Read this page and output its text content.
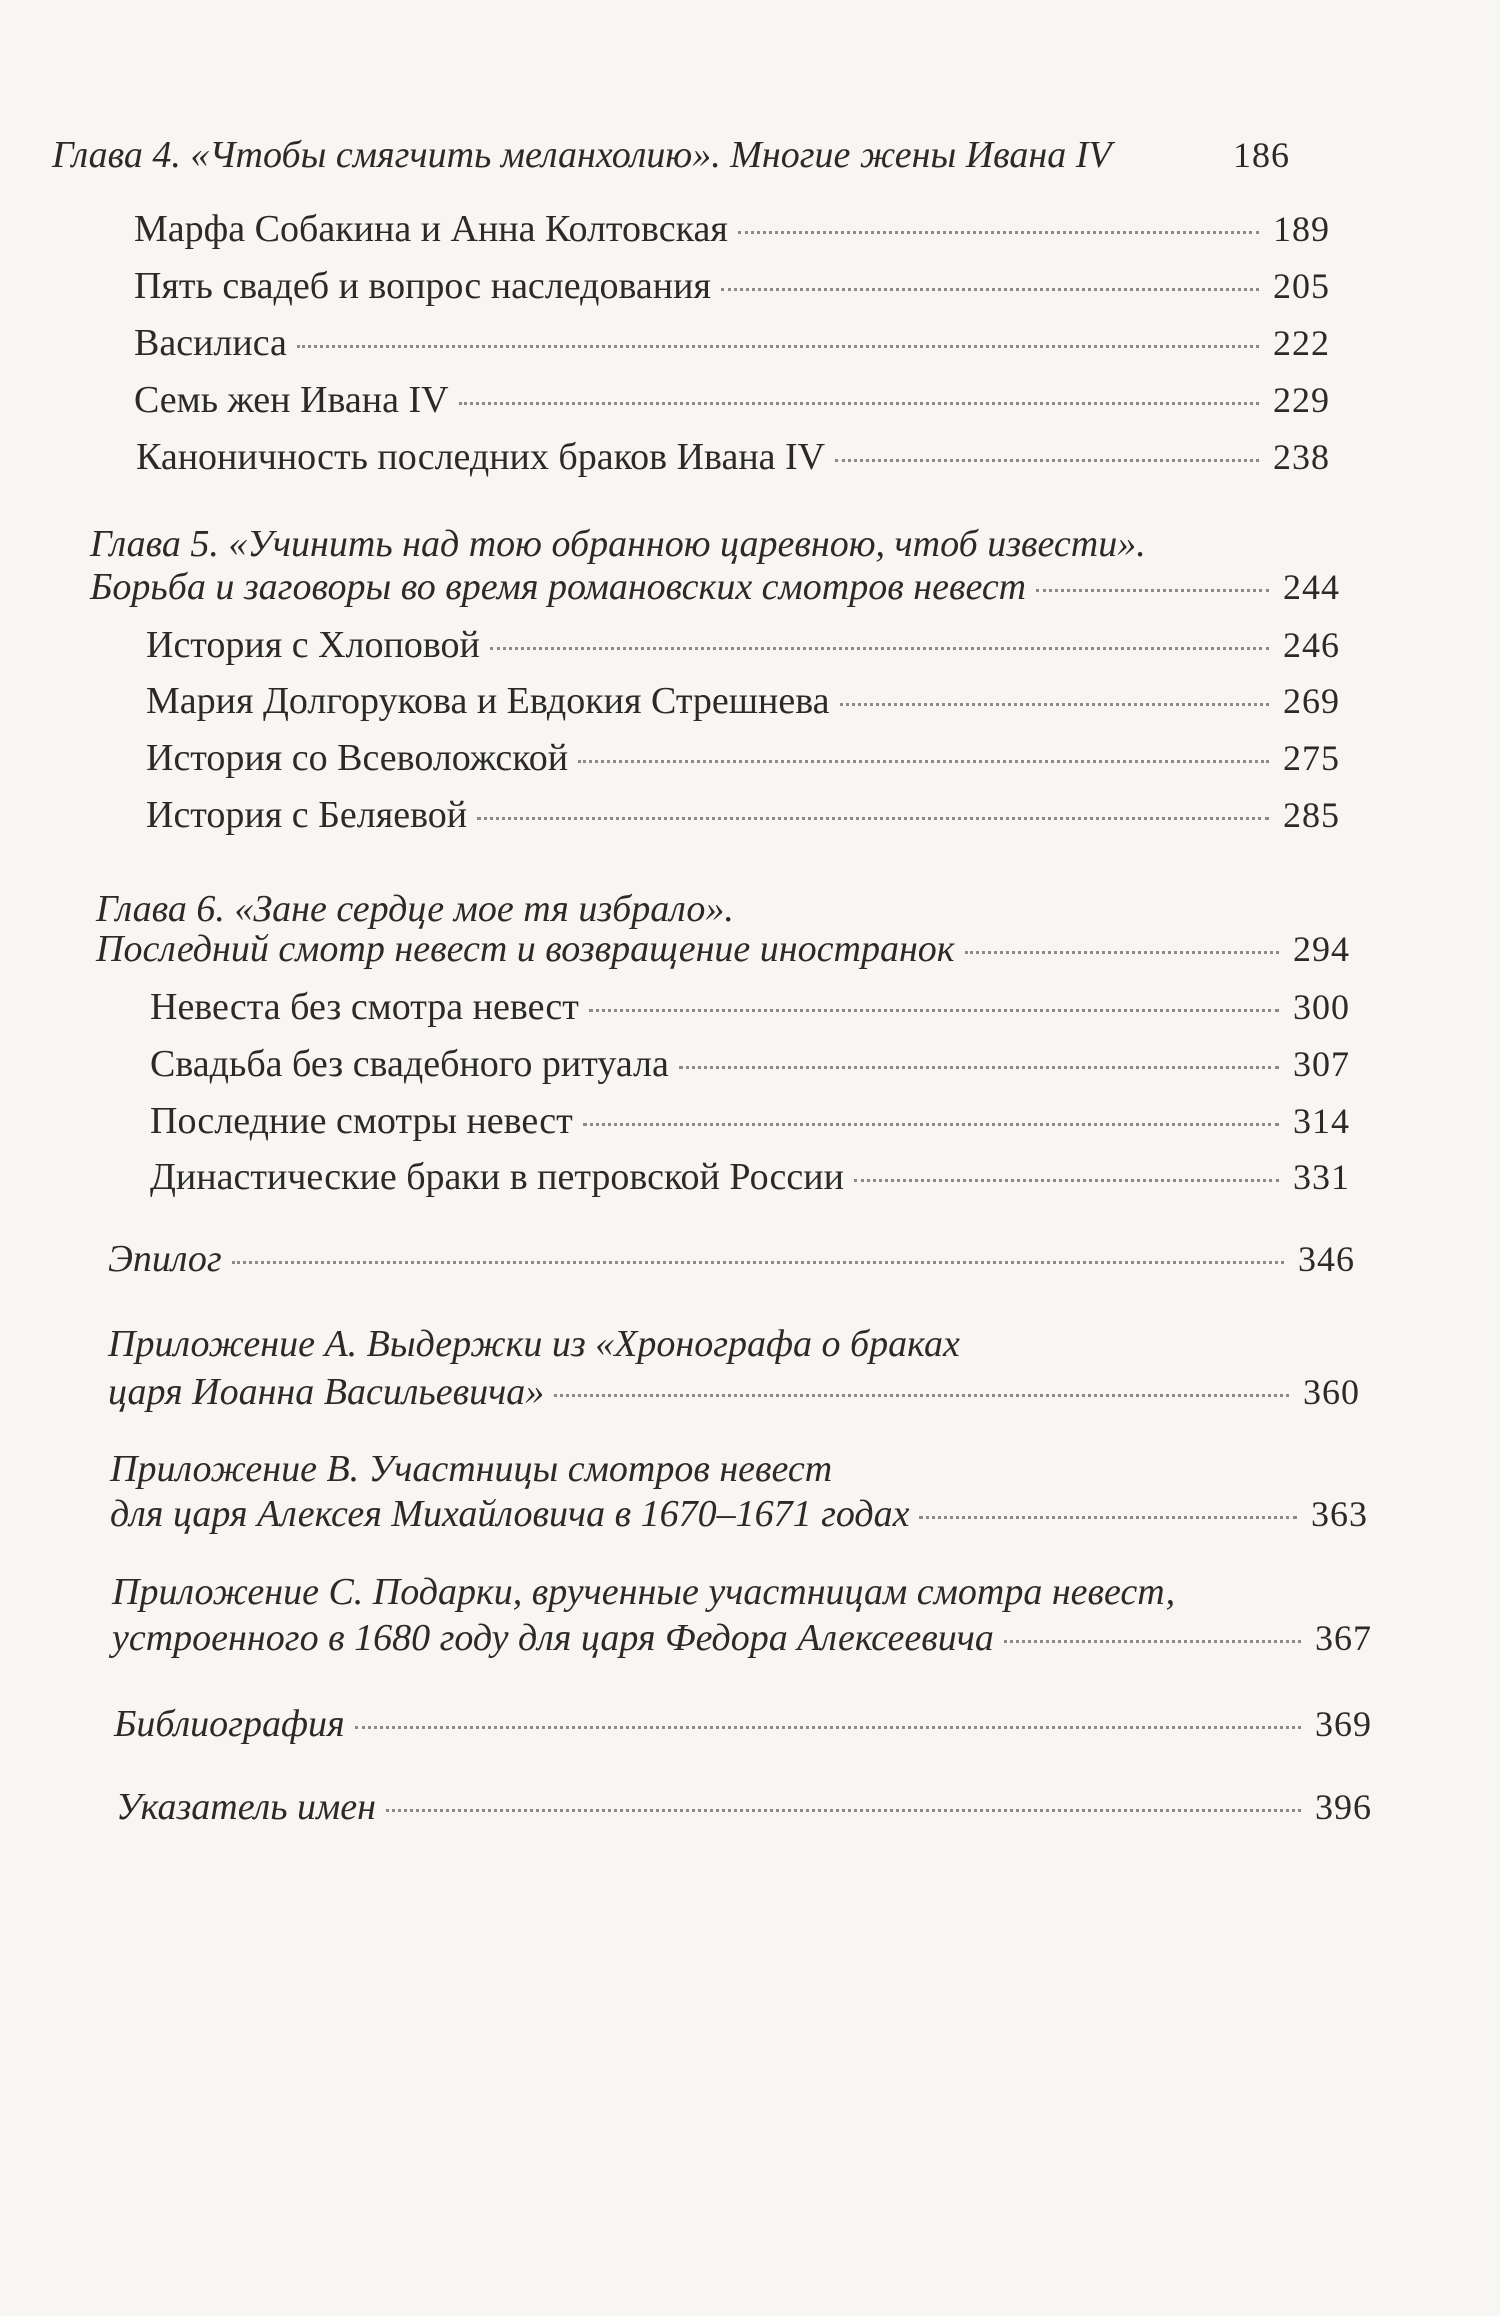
Глава 4. «Чтобы смягчить меланхолию». Многие жены Ивана IV	186
Марфа Собакина и Анна Колтовская	189
Пять свадеб и вопрос наследования	205
Василиса	222
Семь жен Ивана IV	229
Каноничность последних браков Ивана IV	238
Глава 5. «Учинить над тою обранною царевною, чтоб извести».
Борьба и заговоры во время романовских смотров невест	244
История с Хлоповой	246
Мария Долгорукова и Евдокия Стрешнева	269
История со Всеволожской	275
История с Беляевой	285
Глава 6. «Зане сердце мое тя избрало».
Последний смотр невест и возвращение иностранок	294
Невеста без смотра невест	300
Свадьба без свадебного ритуала	307
Последние смотры невест	314
Династические браки в петровской России	331
Эпилог	346
Приложение А. Выдержки из «Хронографа о браках
царя Иоанна Васильевича»	360
Приложение В. Участницы смотров невест
для царя Алексея Михайловича в 1670–1671 годах	363
Приложение С. Подарки, врученные участницам смотра невест,
устроенного в 1680 году для царя Федора Алексеевича	367
Библиография	369
Указатель имен	396
